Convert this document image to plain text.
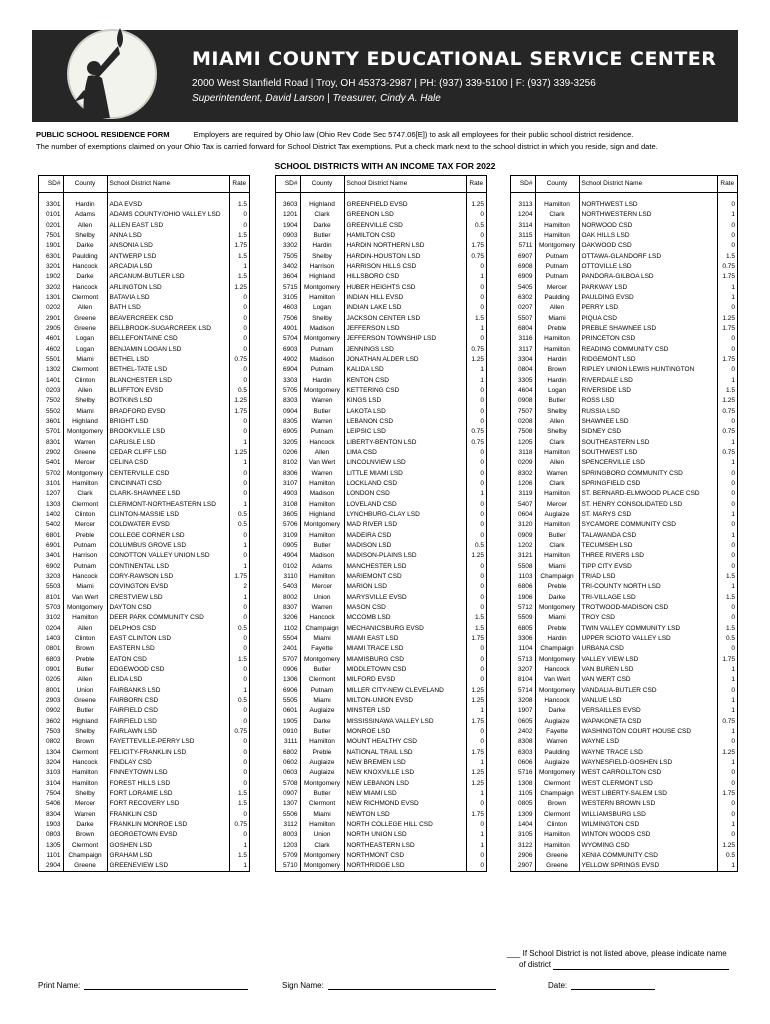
MIAMI COUNTY EDUCATIONAL SERVICE CENTER
2000 West Stanfield Road | Troy, OH 45373-2987 | PH: (937) 339-5100 | F: (937) 339-3256
Superintendent, David Larson | Treasurer, Cindy A. Hale
PUBLIC SCHOOL RESIDENCE FORM	Employers are required by Ohio law (Ohio Rev Code Sec 5747.06[E]) to ask all employees for their public school district residence.
The number of exemptions claimed on your Ohio Tax is carried forward for School District Tax exemptions. Put a check mark next to the school district in which you reside, sign and date.
SCHOOL DISTRICTS WITH AN INCOME TAX FOR 2022
SD#	County	School District Name	Rate

3301	Hardin	ADA EVSD	1.5
0101	Adams	ADAMS COUNTY/OHIO VALLEY LSD	0
0201	Allen	ALLEN EAST LSD	0
7501	Shelby	ANNA LSD	1.5
1901	Darke	ANSONIA LSD	1.75
6301	Paulding	ANTWERP LSD	1.5
3201	Hancock	ARCADIA LSD	1
1902	Darke	ARCANUM-BUTLER LSD	1.5
3202	Hancock	ARLINGTON LSD	1.25
1301	Clermont	BATAVIA LSD	0
0202	Allen	BATH LSD	0
2901	Greene	BEAVERCREEK CSD	0
2905	Greene	BELLBROOK-SUGARCREEK LSD	0
4601	Logan	BELLEFONTAINE CSD	0
4602	Logan	BENJAMIN LOGAN LSD	0
5501	Miami	BETHEL LSD	0.75
1302	Clermont	BETHEL-TATE LSD	0
1401	Clinton	BLANCHESTER LSD	0
0203	Allen	BLUFFTON EVSD	0.5
7502	Shelby	BOTKINS LSD	1.25
5502	Miami	BRADFORD EVSD	1.75
3601	Highland	BRIGHT LSD	0
5701	Montgomery	BROOKVILLE LSD	0
8301	Warren	CARLISLE LSD	1
2902	Greene	CEDAR CLIFF LSD	1.25
5401	Mercer	CELINA CSD	1
5702	Montgomery	CENTERVILLE CSD	0
3101	Hamilton	CINCINNATI CSD	0
1207	Clark	CLARK-SHAWNEE LSD	0
1303	Clermont	CLERMONT-NORTHEASTERN LSD	1
1402	Clinton	CLINTON-MASSIE LSD	0.5
5402	Mercer	COLDWATER EVSD	0.5
6801	Preble	COLLEGE CORNER LSD	0
6901	Putnam	COLUMBUS GROVE LSD	1
3401	Harrison	CONOTTON VALLEY UNION LSD	0
6902	Putnam	CONTINENTAL LSD	1
3203	Hancock	CORY-RAWSON LSD	1.75
5503	Miami	COVINGTON EVSD	2
8101	Van Wert	CRESTVIEW LSD	1
5703	Montgomery	DAYTON CSD	0
3102	Hamilton	DEER PARK COMMUNITY CSD	0
0204	Allen	DELPHOS CSD	0.5
1403	Clinton	EAST CLINTON LSD	0
0801	Brown	EASTERN LSD	0
6803	Preble	EATON CSD	1.5
0901	Butler	EDGEWOOD CSD	0
0205	Allen	ELIDA LSD	0
8001	Union	FAIRBANKS LSD	1
2903	Greene	FAIRBORN CSD	0.5
0902	Butler	FAIRFIELD CSD	0
3602	Highland	FAIRFIELD LSD	0
7503	Shelby	FAIRLAWN LSD	0.75
0802	Brown	FAYETTEVILLE-PERRY LSD	0
1304	Clermont	FELICITY-FRANKLIN LSD	0
3204	Hancock	FINDLAY CSD	0
3103	Hamilton	FINNEYTOWN LSD	0
3104	Hamilton	FOREST HILLS LSD	0
7504	Shelby	FORT LORAMIE LSD	1.5
5406	Mercer	FORT RECOVERY LSD	1.5
8304	Warren	FRANKLIN CSD	0
1903	Darke	FRANKLIN MONROE LSD	0.75
0803	Brown	GEORGETOWN EVSD	0
1305	Clermont	GOSHEN LSD	1
1101	Champaign	GRAHAM LSD	1.5
2904	Greene	GREENEVIEW LSD	1
SD#	County	School District Name	Rate

3603	Highland	GREENFIELD EVSD	1.25
1201	Clark	GREENON LSD	0
1904	Darke	GREENVILLE CSD	0.5
0903	Butler	HAMILTON CSD	0
3302	Hardin	HARDIN NORTHERN LSD	1.75
7505	Shelby	HARDIN-HOUSTON LSD	0.75
3402	Harrison	HARRISON HILLS CSD	0
3604	Highland	HILLSBORO CSD	1
5715	Montgomery	HUBER HEIGHTS CSD	0
3105	Hamilton	INDIAN HILL EVSD	0
4603	Logan	INDIAN LAKE LSD	0
7506	Shelby	JACKSON CENTER LSD	1.5
4901	Madison	JEFFERSON LSD	1
5704	Montgomery	JEFFERSON TOWNSHIP LSD	0
6903	Putnam	JENNINGS LSD	0.75
4902	Madison	JONATHAN ALDER LSD	1.25
6904	Putnam	KALIDA LSD	1
3303	Hardin	KENTON CSD	1
5705	Montgomery	KETTERING CSD	0
8303	Warren	KINGS LSD	0
0904	Butler	LAKOTA LSD	0
8305	Warren	LEBANON CSD	0
6905	Putnam	LEIPSIC LSD	0.75
3205	Hancock	LIBERTY-BENTON LSD	0.75
0206	Allen	LIMA CSD	0
8102	Van Wert	LINCOLNVIEW LSD	0
8306	Warren	LITTLE MIAMI LSD	0
3107	Hamilton	LOCKLAND CSD	0
4903	Madison	LONDON CSD	1
3108	Hamilton	LOVELAND CSD	0
3605	Highland	LYNCHBURG-CLAY LSD	0
5706	Montgomery	MAD RIVER LSD	0
3109	Hamilton	MADEIRA CSD	0
0905	Butler	MADISON LSD	0.5
4904	Madison	MADISON-PLAINS LSD	1.25
0102	Adams	MANCHESTER LSD	0
3110	Hamilton	MARIEMONT CSD	0
5403	Mercer	MARION LSD	0
8002	Union	MARYSVILLE EVSD	0
8307	Warren	MASON CSD	0
3206	Hancock	MCCOMB LSD	1.5
1102	Champaign	MECHANICSBURG EVSD	1.5
5504	Miami	MIAMI EAST LSD	1.75
2401	Fayette	MIAMI TRACE LSD	0
5707	Montgomery	MIAMISBURG CSD	0
0906	Butler	MIDDLETOWN CSD	0
1306	Clermont	MILFORD EVSD	0
6906	Putnam	MILLER CITY-NEW CLEVELAND	1.25
5505	Miami	MILTON-UNION EVSD	1.25
0601	Auglaize	MINSTER LSD	1
1905	Darke	MISSISSINAWA VALLEY LSD	1.75
0910	Butler	MONROE LSD	0
3111	Hamilton	MOUNT HEALTHY CSD	0
6802	Preble	NATIONAL TRAIL LSD	1.75
0602	Auglaize	NEW BREMEN LSD	1
0603	Auglaize	NEW KNOXVILLE LSD	1.25
5708	Montgomery	NEW LEBANON LSD	1.25
0907	Butler	NEW MIAMI LSD	1
1307	Clermont	NEW RICHMOND EVSD	0
5506	Miami	NEWTON LSD	1.75
3112	Hamilton	NORTH COLLEGE HILL CSD	0
8003	Union	NORTH UNION LSD	1
1203	Clark	NORTHEASTERN LSD	1
5709	Montgomery	NORTHMONT CSD	0
5710	Montgomery	NORTHRIDGE LSD	0
SD#	County	School District Name	Rate

3113	Hamilton	NORTHWEST LSD	0
1204	Clark	NORTHWESTERN LSD	1
3114	Hamilton	NORWOOD CSD	0
3115	Hamilton	OAK HILLS LSD	0
5711	Montgomery	OAKWOOD CSD	0
6907	Putnam	OTTAWA-GLANDORF LSD	1.5
6908	Putnam	OTTOVILLE LSD	0.75
6909	Putnam	PANDORA-GILBOA LSD	1.75
5405	Mercer	PARKWAY LSD	1
6302	Paulding	PAULDING EVSD	1
0207	Allen	PERRY LSD	0
5507	Miami	PIQUA CSD	1.25
6804	Preble	PREBLE SHAWNEE LSD	1.75
3116	Hamilton	PRINCETON CSD	0
3117	Hamilton	READING COMMUNITY CSD	0
3304	Hardin	RIDGEMONT LSD	1.75
0804	Brown	RIPLEY UNION LEWIS HUNTINGTON	0
3305	Hardin	RIVERDALE LSD	1
4604	Logan	RIVERSIDE LSD	1.5
0908	Butler	ROSS LSD	1.25
7507	Shelby	RUSSIA LSD	0.75
0208	Allen	SHAWNEE LSD	0
7508	Shelby	SIDNEY CSD	0.75
1205	Clark	SOUTHEASTERN LSD	1
3118	Hamilton	SOUTHWEST LSD	0.75
0209	Allen	SPENCERVILLE LSD	1
8302	Warren	SPRINGBORO COMMUNITY CSD	0
1206	Clark	SPRINGFIELD CSD	0
3119	Hamilton	ST. BERNARD-ELMWOOD PLACE CSD	0
5407	Mercer	ST. HENRY CONSOLIDATED LSD	0
0604	Auglaize	ST. MARYS CSD	1
3120	Hamilton	SYCAMORE COMMUNITY CSD	0
0909	Butler	TALAWANDA CSD	1
1202	Clark	TECUMSEH LSD	0
3121	Hamilton	THREE RIVERS LSD	0
5508	Miami	TIPP CITY EVSD	0
1103	Champaign	TRIAD LSD	1.5
6806	Preble	TRI-COUNTY NORTH LSD	1
1906	Darke	TRI-VILLAGE LSD	1.5
5712	Montgomery	TROTWOOD-MADISON CSD	0
5509	Miami	TROY CSD	0
6805	Preble	TWIN VALLEY COMMUNITY LSD	1.5
3306	Hardin	UPPER SCIOTO VALLEY LSD	0.5
1104	Champaign	URBANA CSD	0
5713	Montgomery	VALLEY VIEW LSD	1.75
3207	Hancock	VAN BUREN LSD	1
8104	Van Wert	VAN WERT CSD	1
5714	Montgomery	VANDALIA-BUTLER CSD	0
3208	Hancock	VANLUE LSD	1
1907	Darke	VERSAILLES EVSD	1
0605	Auglaize	WAPAKONETA CSD	0.75
2402	Fayette	WASHINGTON COURT HOUSE CSD	1
8308	Warren	WAYNE LSD	0
6303	Paulding	WAYNE TRACE LSD	1.25
0606	Auglaize	WAYNESFIELD-GOSHEN LSD	1
5716	Montgomery	WEST CARROLLTON CSD	0
1308	Clermont	WEST CLERMONT LSD	0
1105	Champaign	WEST LIBERTY-SALEM LSD	1.75
0805	Brown	WESTERN BROWN LSD	0
1309	Clermont	WILLIAMSBURG LSD	0
1404	Clinton	WILMINGTON CSD	1
3105	Hamilton	WINTON WOODS CSD	0
3122	Hamilton	WYOMING CSD	1.25
2906	Greene	XENIA COMMUNITY CSD	0.5
2907	Greene	YELLOW SPRINGS EVSD	1
___ If School District is not listed above, please indicate name
of district
Print Name:	Sign Name:	Date:
